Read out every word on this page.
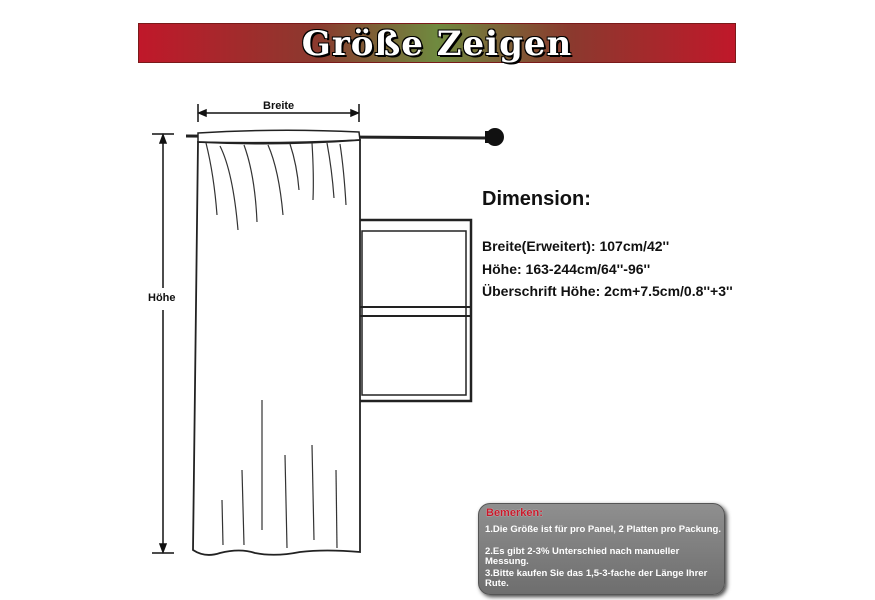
Größe Zeigen
Breite
Höhe
Dimension:
Breite(Erweitert): 107cm/42''
Höhe: 163-244cm/64''-96''
Überschrift Höhe: 2cm+7.5cm/0.8''+3''
Bemerken:
1.Die Größe ist für pro Panel, 2 Platten pro Packung.
2.Es gibt 2-3% Unterschied nach manueller Messung.
3.Bitte kaufen Sie das 1,5-3-fache der Länge Ihrer Rute.
